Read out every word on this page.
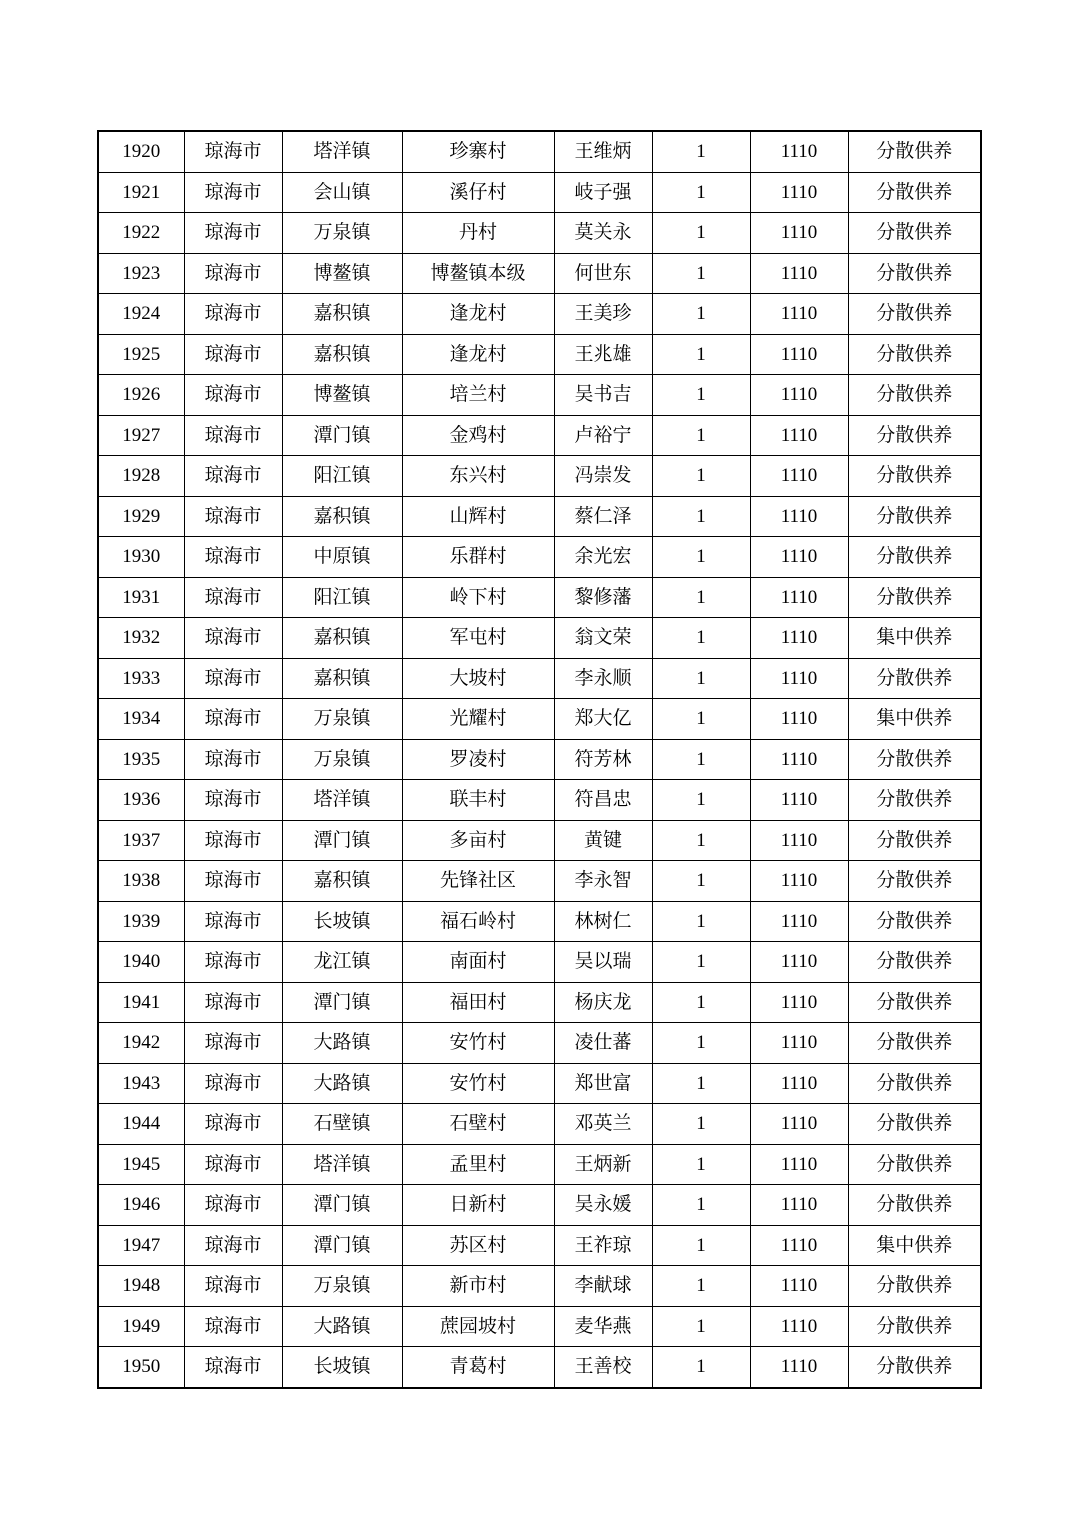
1920	琼海市	塔洋镇	珍寨村	王维炳	1	1110	分散供养
1921	琼海市	会山镇	溪仔村	岐子强	1	1110	分散供养
1922	琼海市	万泉镇	丹村	莫关永	1	1110	分散供养
1923	琼海市	博鳌镇	博鳌镇本级	何世东	1	1110	分散供养
1924	琼海市	嘉积镇	逢龙村	王美珍	1	1110	分散供养
1925	琼海市	嘉积镇	逢龙村	王兆雄	1	1110	分散供养
1926	琼海市	博鳌镇	培兰村	吴书吉	1	1110	分散供养
1927	琼海市	潭门镇	金鸡村	卢裕宁	1	1110	分散供养
1928	琼海市	阳江镇	东兴村	冯崇发	1	1110	分散供养
1929	琼海市	嘉积镇	山辉村	蔡仁泽	1	1110	分散供养
1930	琼海市	中原镇	乐群村	余光宏	1	1110	分散供养
1931	琼海市	阳江镇	岭下村	黎修藩	1	1110	分散供养
1932	琼海市	嘉积镇	军屯村	翁文荣	1	1110	集中供养
1933	琼海市	嘉积镇	大坡村	李永顺	1	1110	分散供养
1934	琼海市	万泉镇	光耀村	郑大亿	1	1110	集中供养
1935	琼海市	万泉镇	罗凌村	符芳林	1	1110	分散供养
1936	琼海市	塔洋镇	联丰村	符昌忠	1	1110	分散供养
1937	琼海市	潭门镇	多亩村	黄键	1	1110	分散供养
1938	琼海市	嘉积镇	先锋社区	李永智	1	1110	分散供养
1939	琼海市	长坡镇	福石岭村	林树仁	1	1110	分散供养
1940	琼海市	龙江镇	南面村	吴以瑞	1	1110	分散供养
1941	琼海市	潭门镇	福田村	杨庆龙	1	1110	分散供养
1942	琼海市	大路镇	安竹村	凌仕蕃	1	1110	分散供养
1943	琼海市	大路镇	安竹村	郑世富	1	1110	分散供养
1944	琼海市	石壁镇	石壁村	邓英兰	1	1110	分散供养
1945	琼海市	塔洋镇	孟里村	王炳新	1	1110	分散供养
1946	琼海市	潭门镇	日新村	吴永媛	1	1110	分散供养
1947	琼海市	潭门镇	苏区村	王祚琼	1	1110	集中供养
1948	琼海市	万泉镇	新市村	李献球	1	1110	分散供养
1949	琼海市	大路镇	蔗园坡村	麦华燕	1	1110	分散供养
1950	琼海市	长坡镇	青葛村	王善校	1	1110	分散供养
